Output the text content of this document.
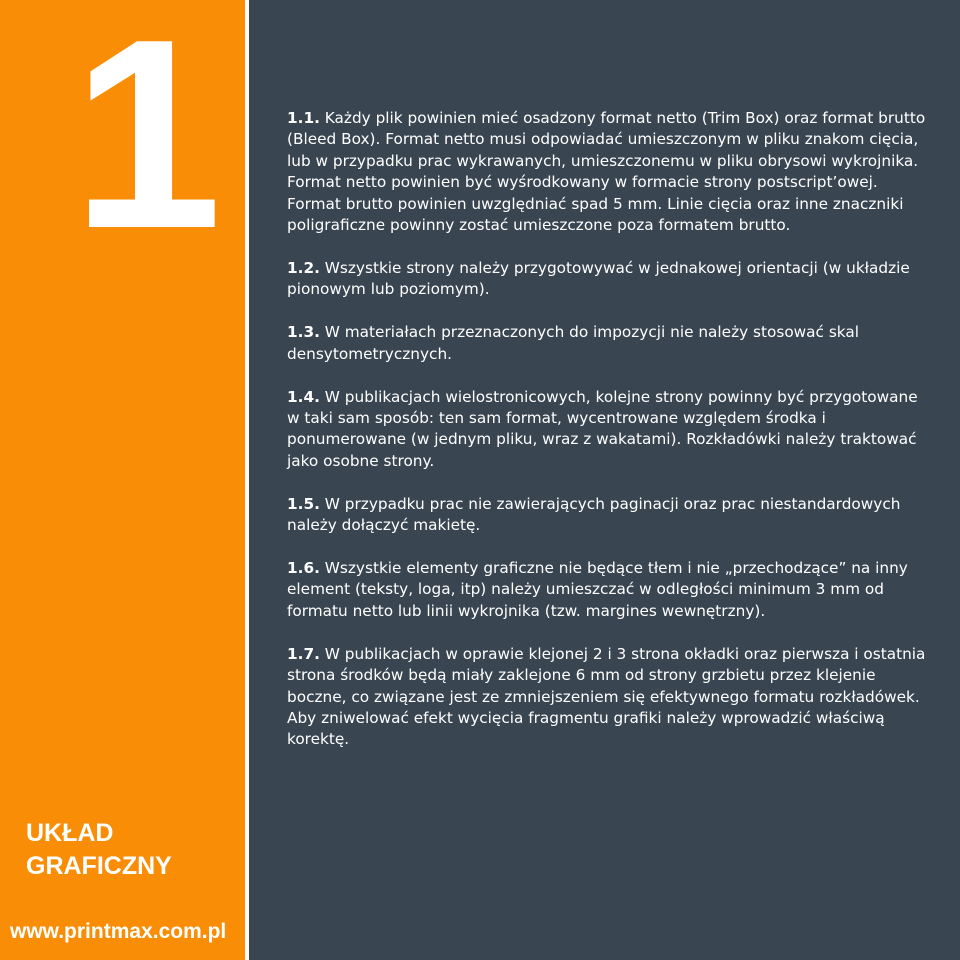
1
UKŁAD
GRAFICZNY
www.printmax.com.pl

1.1. Każdy plik powinien mieć osadzony format netto (Trim Box) oraz format brutto (Bleed Box). Format netto musi odpowiadać umieszczonym w pliku znakom cięcia, lub w przypadku prac wykrawanych, umieszczonemu w pliku obrysowi wykrojnika. Format netto powinien być wyśrodkowany w formacie strony postscript’owej. Format brutto powinien uwzględniać spad 5 mm. Linie cięcia oraz inne znaczniki poligraficzne powinny zostać umieszczone poza formatem brutto.

1.2. Wszystkie strony należy przygotowywać w jednakowej orientacji (w układzie pionowym lub poziomym).

1.3. W materiałach przeznaczonych do impozycji nie należy stosować skal densytometrycznych.

1.4. W publikacjach wielostronicowych, kolejne strony powinny być przygotowane w taki sam sposób: ten sam format, wycentrowane względem środka i ponumerowane (w jednym pliku, wraz z wakatami). Rozkładówki należy traktować jako osobne strony.

1.5. W przypadku prac nie zawierających paginacji oraz prac niestandardowych należy dołączyć makietę.

1.6. Wszystkie elementy graficzne nie będące tłem i nie „przechodzące” na inny element (teksty, loga, itp) należy umieszczać w odległości minimum 3 mm od formatu netto lub linii wykrojnika (tzw. margines wewnętrzny).

1.7. W publikacjach w oprawie klejonej 2 i 3 strona okładki oraz pierwsza i ostatnia strona środków będą miały zaklejone 6 mm od strony grzbietu przez klejenie boczne, co związane jest ze zmniejszeniem się efektywnego formatu rozkładówek. Aby zniwelować efekt wycięcia fragmentu grafiki należy wprowadzić właściwą korektę.
